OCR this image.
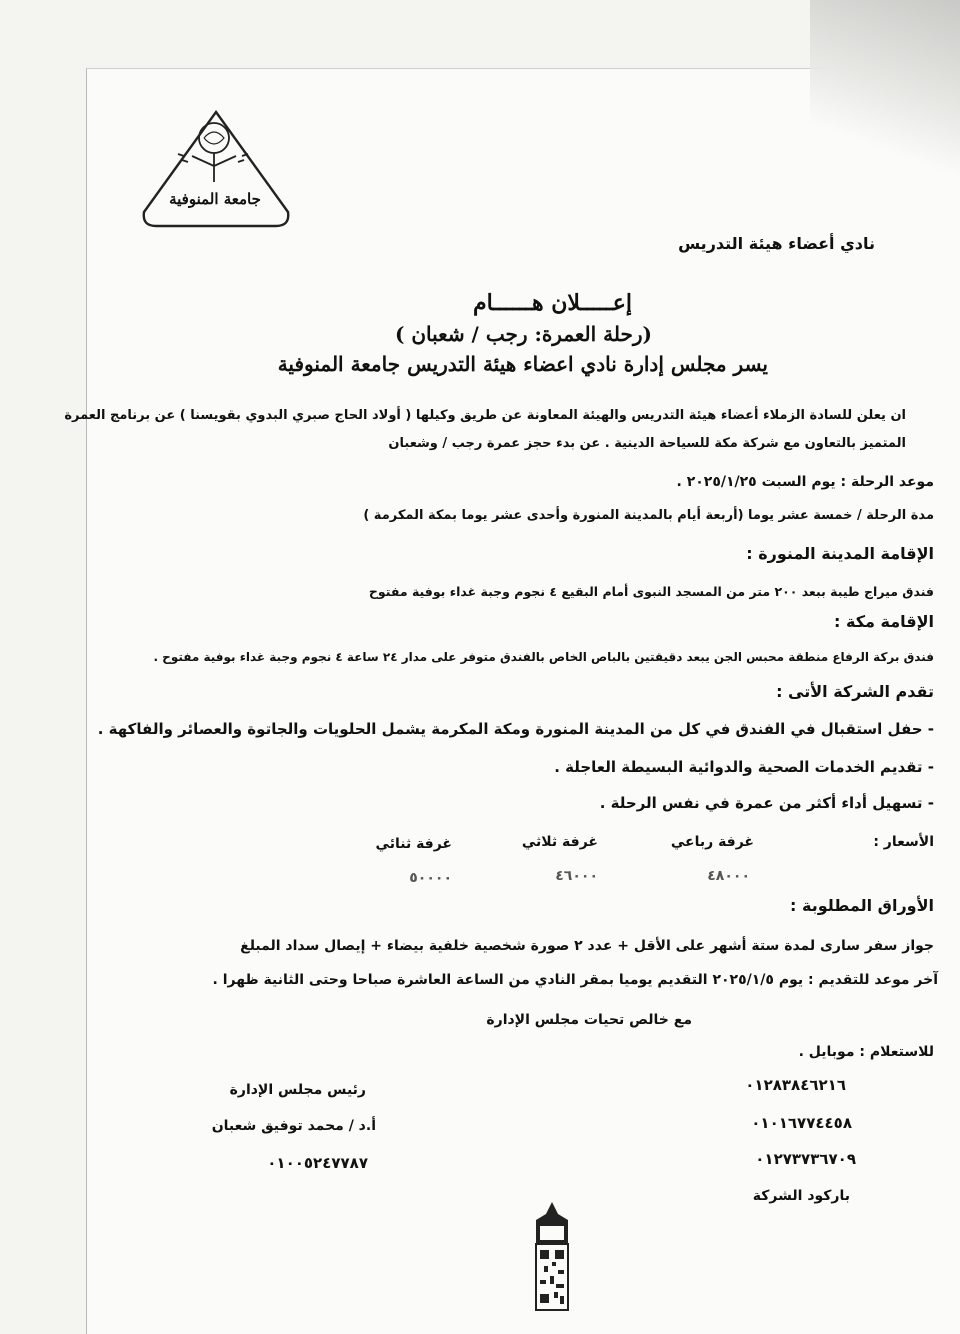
جامعة المنوفية
نادي أعضاء هيئة التدريس
إعـــــلان هــــــام
(رحلة العمرة: رجب / شعبان )
يسر مجلس إدارة نادي اعضاء هيئة التدريس جامعة المنوفية
ان يعلن للسادة الزملاء أعضاء هيئة التدريس والهيئة المعاونة عن طريق وكيلها ( أولاد الحاج صبري البدوي بقويسنا ) عن برنامج العمرة
المتميز بالتعاون مع شركة مكة للسياحة الدينية . عن بدء حجز عمرة رجب / وشعبان
موعد الرحلة : يوم السبت ٢٠٢٥/١/٢٥ .
مدة الرحلة / خمسة عشر يوما (أربعة أيام بالمدينة المنورة وأحدى عشر يوما بمكة المكرمة )
الإقامة المدينة المنورة :
فندق ميراج طيبة ببعد ٢٠٠ متر من المسجد النبوى أمام البقيع ٤ نجوم وجبة غداء بوفية مفتوح
الإقامة مكة :
فندق بركة الرفاع منطقة محبس الجن يبعد دقيقتين بالباص الخاص بالفندق متوفر على مدار ٢٤ ساعة ٤ نجوم وجبة غداء بوفية مفتوح .
تقدم الشركة الأتى :
- حفل استقبال في الفندق في كل من المدينة المنورة ومكة المكرمة يشمل الحلويات والجاتوة والعصائر والفاكهة .
- تقديم الخدمات الصحية والدوائية البسيطة العاجلة .
- تسهيل أداء أكثر من عمرة في نفس الرحلة .
الأسعار :
غرفة رباعي
غرفة ثلاثي
غرفة ثنائي
٤٨٠٠٠
٤٦٠٠٠
٥٠٠٠٠
الأوراق المطلوبة :
جواز سفر سارى لمدة ستة أشهر على الأقل + عدد ٢ صورة شخصية خلفية بيضاء + إيصال سداد المبلغ
آخر موعد للتقديم : يوم ٢٠٢٥/١/٥ التقديم يوميا بمقر النادي من الساعة العاشرة صباحا وحتى الثانية ظهرا .
مع خالص تحيات مجلس الإدارة
للاستعلام : موبايل .
٠١٢٨٣٨٤٦٢١٦
٠١٠١٦٧٧٤٤٥٨
٠١٢٧٣٧٣٦٧٠٩
باركود الشركة
رئيس مجلس الإدارة
أ.د / محمد توفيق شعبان
٠١٠٠٥٢٤٧٧٨٧
